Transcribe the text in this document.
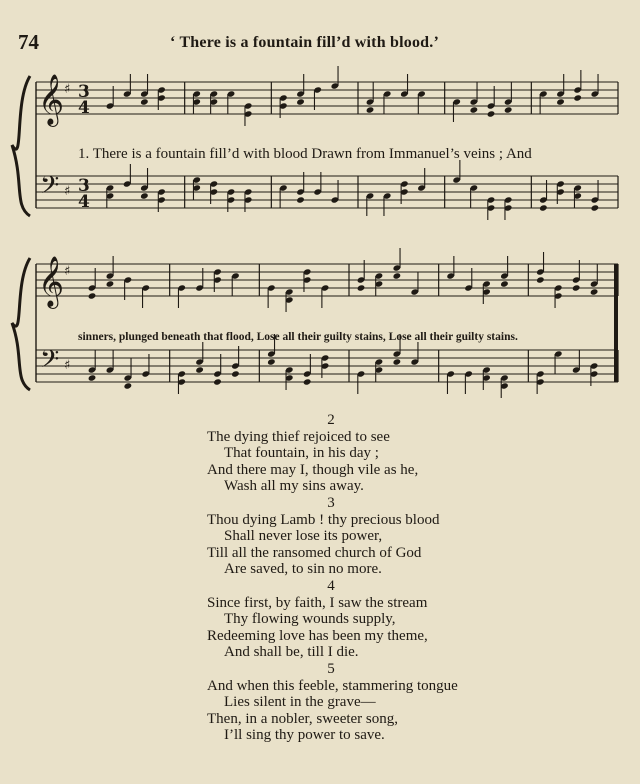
74	‘ There is a fountain fill’d with blood.’
𝄞
𝄢
♯
♯
3
3
4
4
1. There is a fountain fill’d with blood Drawn from Immanuel’s veins ; And
𝄞
𝄢
♯
♯
sinners, plunged beneath that flood, Lose all their guilty stains, Lose all their guilty stains.
2
The dying thief rejoiced to see
That fountain, in his day ;
And there may I, though vile as he,
Wash all my sins away.
3
Thou dying Lamb ! thy precious blood
Shall never lose its power,
Till all the ransomed church of God
Are saved, to sin no more.
4
Since first, by faith, I saw the stream
Thy flowing wounds supply,
Redeeming love has been my theme,
And shall be, till I die.
5
And when this feeble, stammering tongue
Lies silent in the grave—
Then, in a nobler, sweeter song,
I’ll sing thy power to save.
